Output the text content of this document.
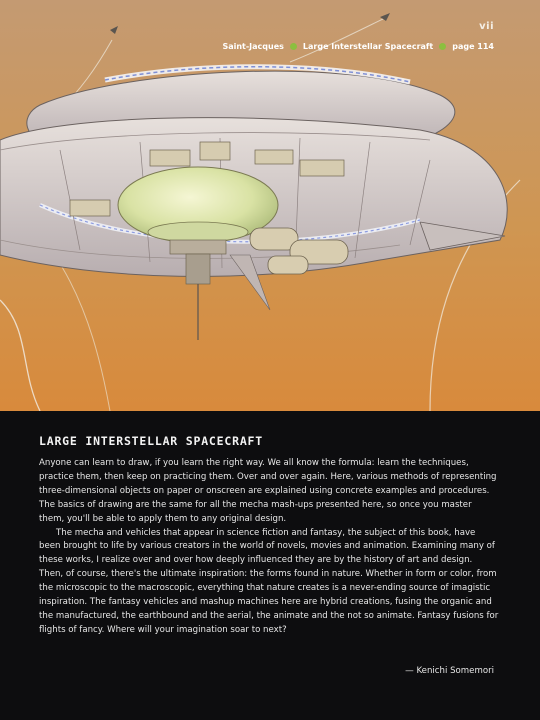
vii
Saint-Jacques Large Interstellar Spacecraft page 114
LARGE INTERSTELLAR SPACECRAFT

Anyone can learn to draw, if you learn the right way. We all know the formula: learn the techniques, practice them, then keep on practicing them. Over and over again. Here, various methods of representing three-dimensional objects on paper or onscreen are explained using concrete examples and procedures. The basics of drawing are the same for all the mecha mash-ups presented here, so once you master them, you'll be able to apply them to any original design.

The mecha and vehicles that appear in science fiction and fantasy, the subject of this book, have been brought to life by various creators in the world of novels, movies and animation. Examining many of these works, I realize over and over how deeply influenced they are by the history of art and design. Then, of course, there's the ultimate inspiration: the forms found in nature. Whether in form or color, from the microscopic to the macroscopic, everything that nature creates is a never-ending source of imagistic inspiration. The fantasy vehicles and mashup machines here are hybrid creations, fusing the organic and the manufactured, the earthbound and the aerial, the animate and the not so animate. Fantasy fusions for flights of fancy. Where will your imagination soar to next?

— Kenichi Somemori
